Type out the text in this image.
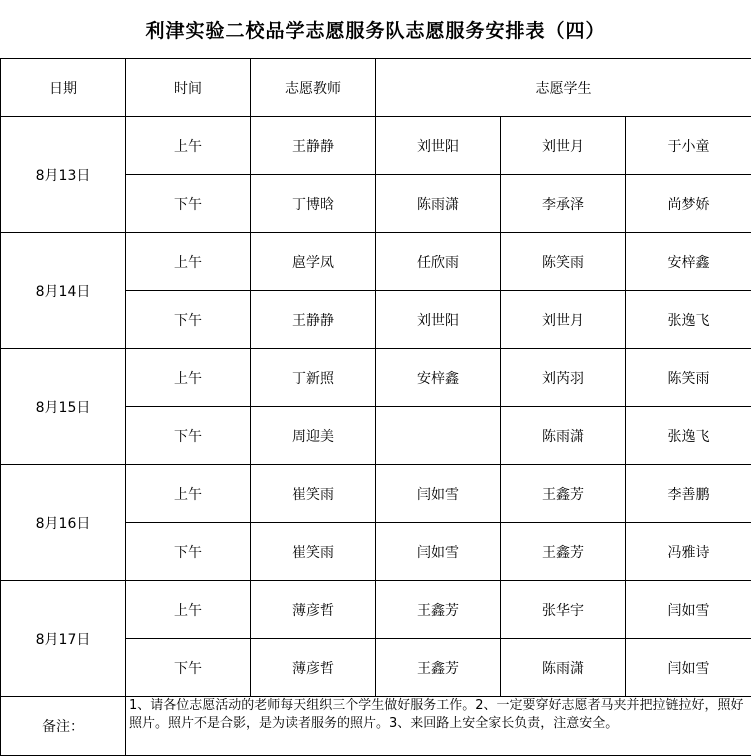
利津实验二校品学志愿服务队志愿服务安排表（四）
日期	时间	志愿教师	志愿学生		
8月13日	上午	王静静	刘世阳	刘世月	于小童
	下午	丁博晗	陈雨潇	李承泽	尚梦娇
8月14日	上午	扈学凤	任欣雨	陈笑雨	安梓鑫
	下午	王静静	刘世阳	刘世月	张逸飞
8月15日	上午	丁新照	安梓鑫	刘芮羽	陈笑雨
	下午	周迎美		陈雨潇	张逸飞
8月16日	上午	崔笑雨	闫如雪	王鑫芳	李善鹏
	下午	崔笑雨	闫如雪	王鑫芳	冯雅诗
8月17日	上午	薄彦哲	王鑫芳	张华宇	闫如雪
	下午	薄彦哲	王鑫芳	陈雨潇	闫如雪
备注：	1、请各位志愿活动的老师每天组织三个学生做好服务工作。2、一定要穿好志愿者马夹并把拉链拉好，照好照片。照片不是合影，是为读者服务的照片。3、来回路上安全家长负责，注意安全。				
